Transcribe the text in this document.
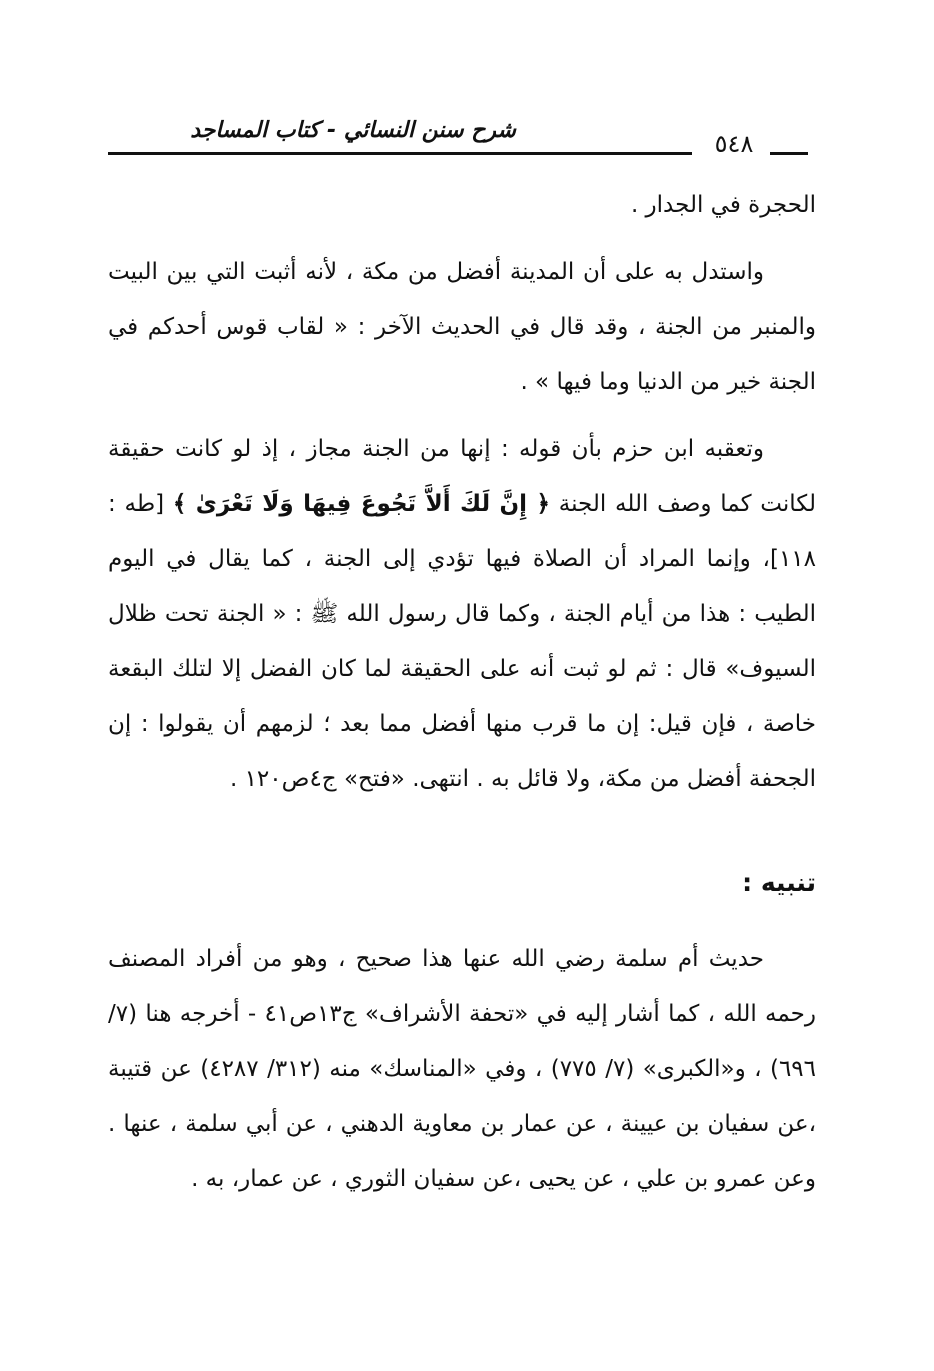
شرح سنن النسائي - كتاب المساجد	٥٤٨

الحجرة في الجدار .

واستدل به على أن المدينة أفضل من مكة ، لأنه أثبت التي بين البيت والمنبر من الجنة ، وقد قال في الحديث الآخر : « لقاب قوس أحدكم في الجنة خير من الدنيا وما فيها » .

وتعقبه ابن حزم بأن قوله : إنها من الجنة مجاز ، إذ لو كانت حقيقة لكانت كما وصف الله الجنة ﴿ إِنَّ لَكَ أَلاَّ تَجُوعَ فِيهَا وَلَا تَعْرَىٰ ﴾ [طه : ١١٨]، وإنما المراد أن الصلاة فيها تؤدي إلى الجنة ، كما يقال في اليوم الطيب : هذا من أيام الجنة ، وكما قال رسول الله ﷺ : « الجنة تحت ظلال السيوف» قال : ثم لو ثبت أنه على الحقيقة لما كان الفضل إلا لتلك البقعة خاصة ، فإن قيل: إن ما قرب منها أفضل مما بعد ؛ لزمهم أن يقولوا : إن الجحفة أفضل من مكة، ولا قائل به . انتهى. «فتح» ج٤ص١٢٠ .

تنبيه :

حديث أم سلمة رضي الله عنها هذا صحيح ، وهو من أفراد المصنف رحمه الله ، كما أشار إليه في «تحفة الأشراف» ج١٣ص٤١ - أخرجه هنا (٧/ ٦٩٦) ، و«الكبرى» (٧/ ٧٧٥) ، وفي «المناسك» منه (٣١٢/ ٤٢٨٧) عن قتيبة ،عن سفيان بن عيينة ، عن عمار بن معاوية الدهني ، عن أبي سلمة ، عنها . وعن عمرو بن علي ، عن يحيى ،عن سفيان الثوري ، عن عمار، به .
